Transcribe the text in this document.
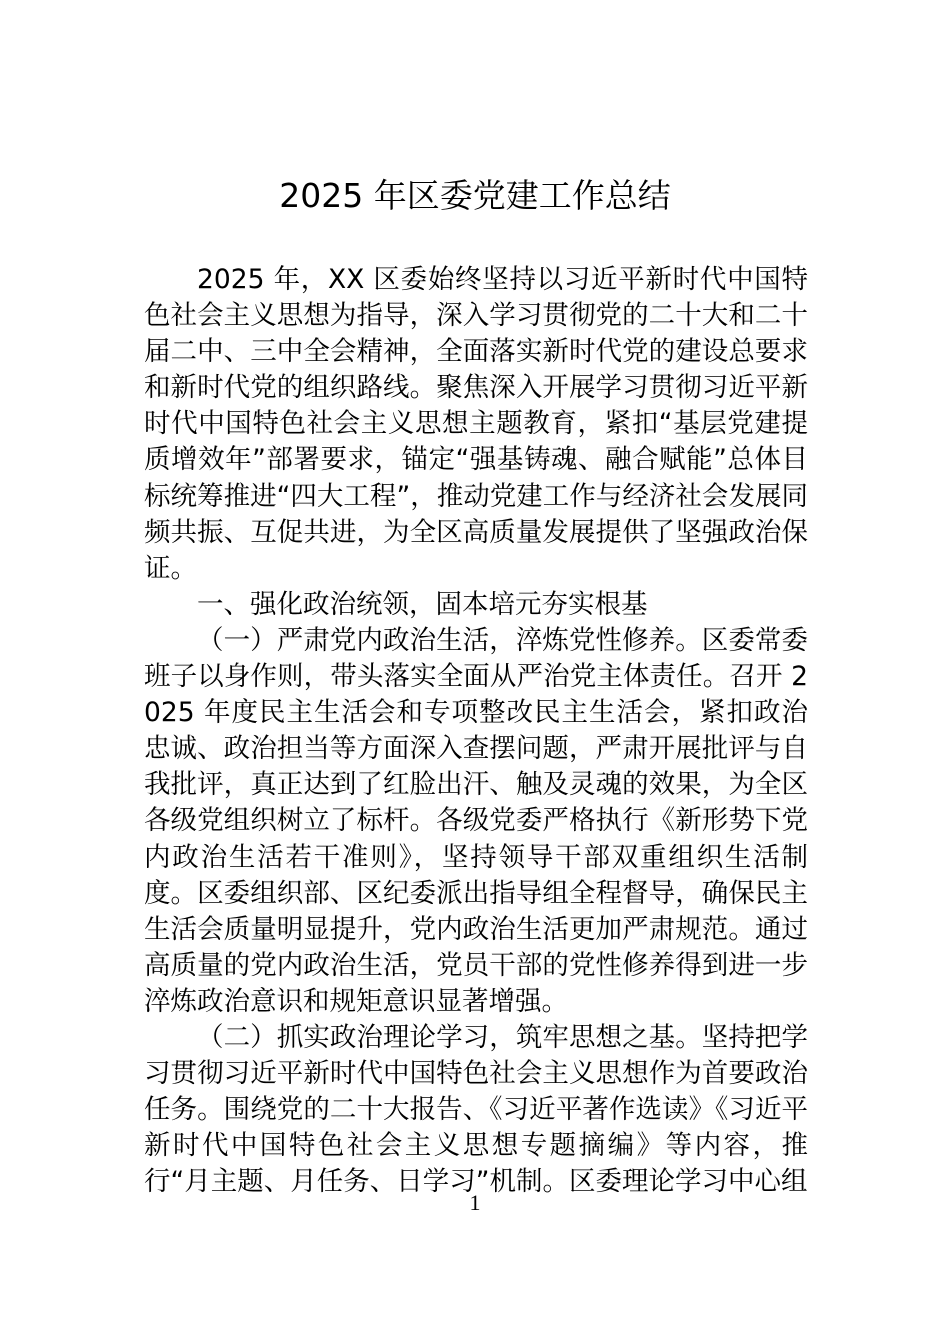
2025 年区委党建工作总结

2025 年，XX 区委始终坚持以习近平新时代中国特色社会主义思想为指导，深入学习贯彻党的二十大和二十届二中、三中全会精神，全面落实新时代党的建设总要求和新时代党的组织路线。聚焦深入开展学习贯彻习近平新时代中国特色社会主义思想主题教育，紧扣“基层党建提质增效年”部署要求，锚定“强基铸魂、融合赋能”总体目标统筹推进“四大工程”，推动党建工作与经济社会发展同频共振、互促共进，为全区高质量发展提供了坚强政治保证。

一、强化政治统领，固本培元夯实根基

（一）严肃党内政治生活，淬炼党性修养。区委常委班子以身作则，带头落实全面从严治党主体责任。召开 2025 年度民主生活会和专项整改民主生活会，紧扣政治忠诚、政治担当等方面深入查摆问题，严肃开展批评与自我批评，真正达到了红脸出汗、触及灵魂的效果，为全区各级党组织树立了标杆。各级党委严格执行《新形势下党内政治生活若干准则》，坚持领导干部双重组织生活制度。区委组织部、区纪委派出指导组全程督导，确保民主生活会质量明显提升，党内政治生活更加严肃规范。通过高质量的党内政治生活，党员干部的党性修养得到进一步淬炼政治意识和规矩意识显著增强。

（二）抓实政治理论学习，筑牢思想之基。坚持把学习贯彻习近平新时代中国特色社会主义思想作为首要政治任务。围绕党的二十大报告、《习近平著作选读》《习近平新时代中国特色社会主义思想专题摘编》等内容，推行“月主题、月任务、日学习”机制。区委理论学习中心组

1
